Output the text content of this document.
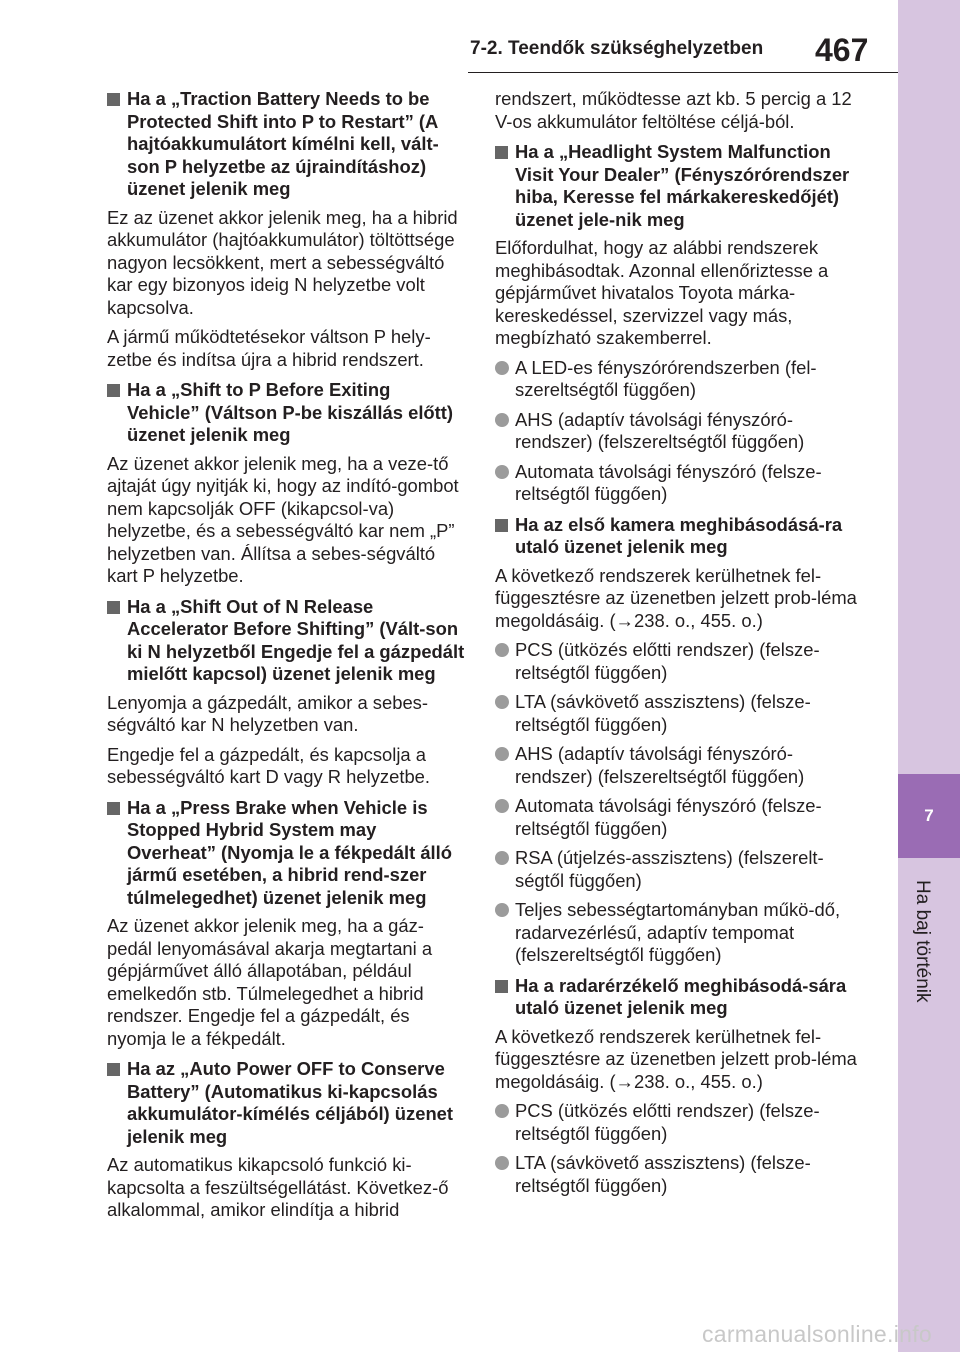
7-2. Teendők szükséghelyzetben 467
7
Ha baj történik
Ha a „Traction Battery Needs to be Protected Shift into P to Restart” (A hajtóakkumulátort kímélni kell, vált-son P helyzetbe az újraindításhoz) üzenet jelenik meg
Ez az üzenet akkor jelenik meg, ha a hibrid akkumulátor (hajtóakkumulátor) töltöttsége nagyon lecsökkent, mert a sebességváltó kar egy bizonyos ideig N helyzetbe volt kapcsolva.
A jármű működtetésekor váltson P hely-zetbe és indítsa újra a hibrid rendszert.
Ha a „Shift to P Before Exiting Vehicle” (Váltson P-be kiszállás előtt) üzenet jelenik meg
Az üzenet akkor jelenik meg, ha a veze-tő ajtaját úgy nyitják ki, hogy az indító-gombot nem kapcsolják OFF (kikapcsol-va) helyzetbe, és a sebességváltó kar nem „P” helyzetben van. Állítsa a sebes-ségváltó kart P helyzetbe.
Ha a „Shift Out of N Release Accelerator Before Shifting” (Vált-son ki N helyzetből Engedje fel a gázpedált mielőtt kapcsol) üzenet jelenik meg
Lenyomja a gázpedált, amikor a sebes-ségváltó kar N helyzetben van.
Engedje fel a gázpedált, és kapcsolja a sebességváltó kart D vagy R helyzetbe.
Ha a „Press Brake when Vehicle is Stopped Hybrid System may Overheat” (Nyomja le a fékpedált álló jármű esetében, a hibrid rend-szer túlmelegedhet) üzenet jelenik meg
Az üzenet akkor jelenik meg, ha a gáz-pedál lenyomásával akarja megtartani a gépjárművet álló állapotában, például emelkedőn stb. Túlmelegedhet a hibrid rendszer. Engedje fel a gázpedált, és nyomja le a fékpedált.
Ha az „Auto Power OFF to Conserve Battery” (Automatikus ki-kapcsolás akkumulátor-kímélés céljából) üzenet jelenik meg
Az automatikus kikapcsoló funkció ki-kapcsolta a feszültségellátást. Következ-ő alkalommal, amikor elindítja a hibrid
rendszert, működtesse azt kb. 5 percig a 12 V-os akkumulátor feltöltése céljá-ból.
Ha a „Headlight System Malfunction Visit Your Dealer” (Fényszórórendszer hiba, Keresse fel márkakereskedőjét) üzenet jele-nik meg
Előfordulhat, hogy az alábbi rendszerek meghibásodtak. Azonnal ellenőriztesse a gépjárművet hivatalos Toyota márka-kereskedéssel, szervizzel vagy más, megbízható szakemberrel.
A LED-es fényszórórendszerben (fel-szereltségtől függően)
AHS (adaptív távolsági fényszóró-rendszer) (felszereltségtől függően)
Automata távolsági fényszóró (felsze-reltségtől függően)
Ha az első kamera meghibásodásá-ra utaló üzenet jelenik meg
A következő rendszerek kerülhetnek fel-függesztésre az üzenetben jelzett prob-léma megoldásáig. (→238. o., 455. o.)
PCS (ütközés előtti rendszer) (felsze-reltségtől függően)
LTA (sávkövető asszisztens) (felsze-reltségtől függően)
AHS (adaptív távolsági fényszóró-rendszer) (felszereltségtől függően)
Automata távolsági fényszóró (felsze-reltségtől függően)
RSA (útjelzés-asszisztens) (felszerelt-ségtől függően)
Teljes sebességtartományban műkö-dő, radarvezérlésű, adaptív tempomat (felszereltségtől függően)
Ha a radarérzékelő meghibásodá-sára utaló üzenet jelenik meg
A következő rendszerek kerülhetnek fel-függesztésre az üzenetben jelzett prob-léma megoldásáig. (→238. o., 455. o.)
PCS (ütközés előtti rendszer) (felsze-reltségtől függően)
LTA (sávkövető asszisztens) (felsze-reltségtől függően)
carmanualsonline.info
